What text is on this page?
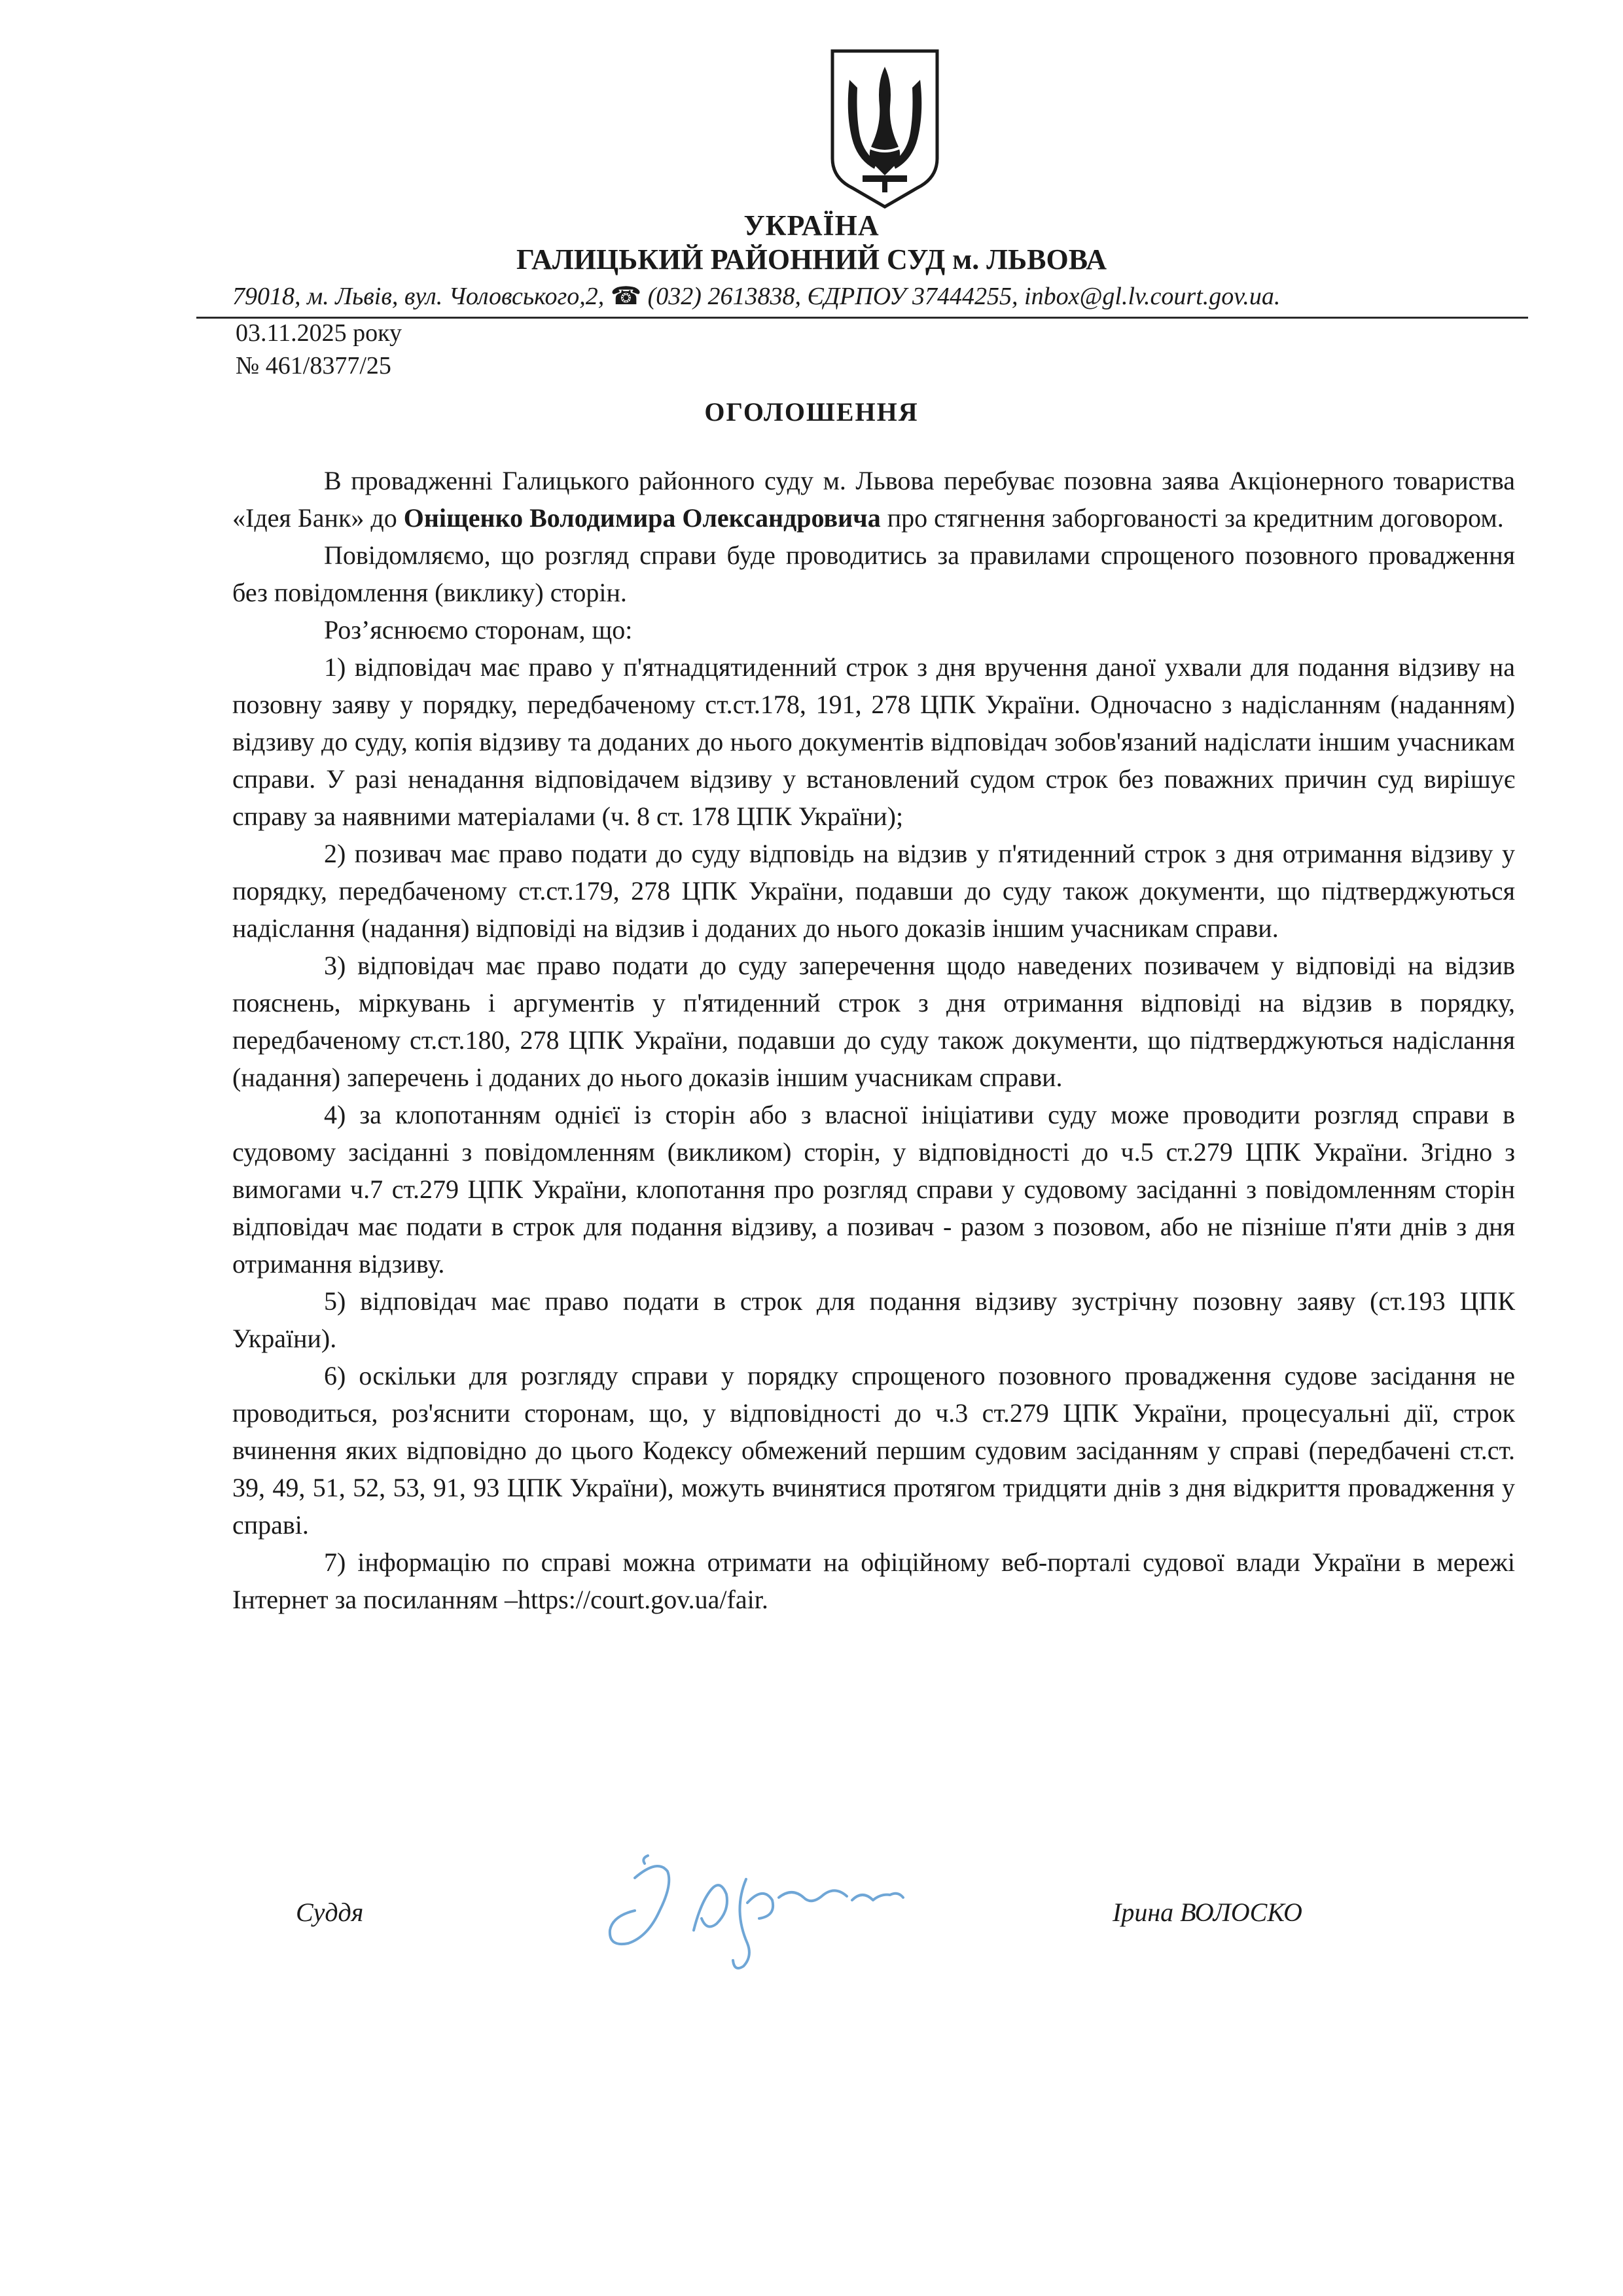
УКРАЇНА
ГАЛИЦЬКИЙ РАЙОННИЙ СУД м. ЛЬВОВА
79018, м. Львів, вул. Чоловського,2, ☎ (032) 2613838, ЄДРПОУ 37444255, inbox@gl.lv.court.gov.ua.
03.11.2025 року
№ 461/8377/25
ОГОЛОШЕННЯ

В провадженні Галицького районного суду м. Львова перебуває позовна заява Акціонерного товариства «Ідея Банк» до Оніщенко Володимира Олександровича про стягнення заборгованості за кредитним договором.

Повідомляємо, що розгляд справи буде проводитись за правилами спрощеного позовного провадження без повідомлення (виклику) сторін.

Роз’яснюємо сторонам, що:

1) відповідач має право у п'ятнадцятиденний строк з дня вручення даної ухвали для подання відзиву на позовну заяву у порядку, передбаченому ст.ст.178, 191, 278 ЦПК України. Одночасно з надісланням (наданням) відзиву до суду, копія відзиву та доданих до нього документів відповідач зобов'язаний надіслати іншим учасникам справи. У разі ненадання відповідачем відзиву у встановлений судом строк без поважних причин суд вирішує справу за наявними матеріалами (ч. 8 ст. 178 ЦПК України);

2) позивач має право подати до суду відповідь на відзив у п'ятиденний строк з дня отримання відзиву у порядку, передбаченому ст.ст.179, 278 ЦПК України, подавши до суду також документи, що підтверджуються надіслання (надання) відповіді на відзив і доданих до нього доказів іншим учасникам справи.

3) відповідач має право подати до суду заперечення щодо наведених позивачем у відповіді на відзив пояснень, міркувань і аргументів у п'ятиденний строк з дня отримання відповіді на відзив в порядку, передбаченому ст.ст.180, 278 ЦПК України, подавши до суду також документи, що підтверджуються надіслання (надання) заперечень і доданих до нього доказів іншим учасникам справи.

4) за клопотанням однієї із сторін або з власної ініціативи суду може проводити розгляд справи в судовому засіданні з повідомленням (викликом) сторін, у відповідності до ч.5 ст.279 ЦПК України. Згідно з вимогами ч.7 ст.279 ЦПК України, клопотання про розгляд справи у судовому засіданні з повідомленням сторін відповідач має подати в строк для подання відзиву, а позивач - разом з позовом, або не пізніше п'яти днів з дня отримання відзиву.

5) відповідач має право подати в строк для подання відзиву зустрічну позовну заяву (ст.193 ЦПК України).

6) оскільки для розгляду справи у порядку спрощеного позовного провадження судове засідання не проводиться, роз'яснити сторонам, що, у відповідності до ч.3 ст.279 ЦПК України, процесуальні дії, строк вчинення яких відповідно до цього Кодексу обмежений першим судовим засіданням у справі (передбачені ст.ст. 39, 49, 51, 52, 53, 91, 93 ЦПК України), можуть вчинятися протягом тридцяти днів з дня відкриття провадження у справі.

7) інформацію по справі можна отримати на офіційному веб-порталі судової влади України в мережі Інтернет за посиланням –https://court.gov.ua/fair.

Суддя	Ірина ВОЛОСКО
